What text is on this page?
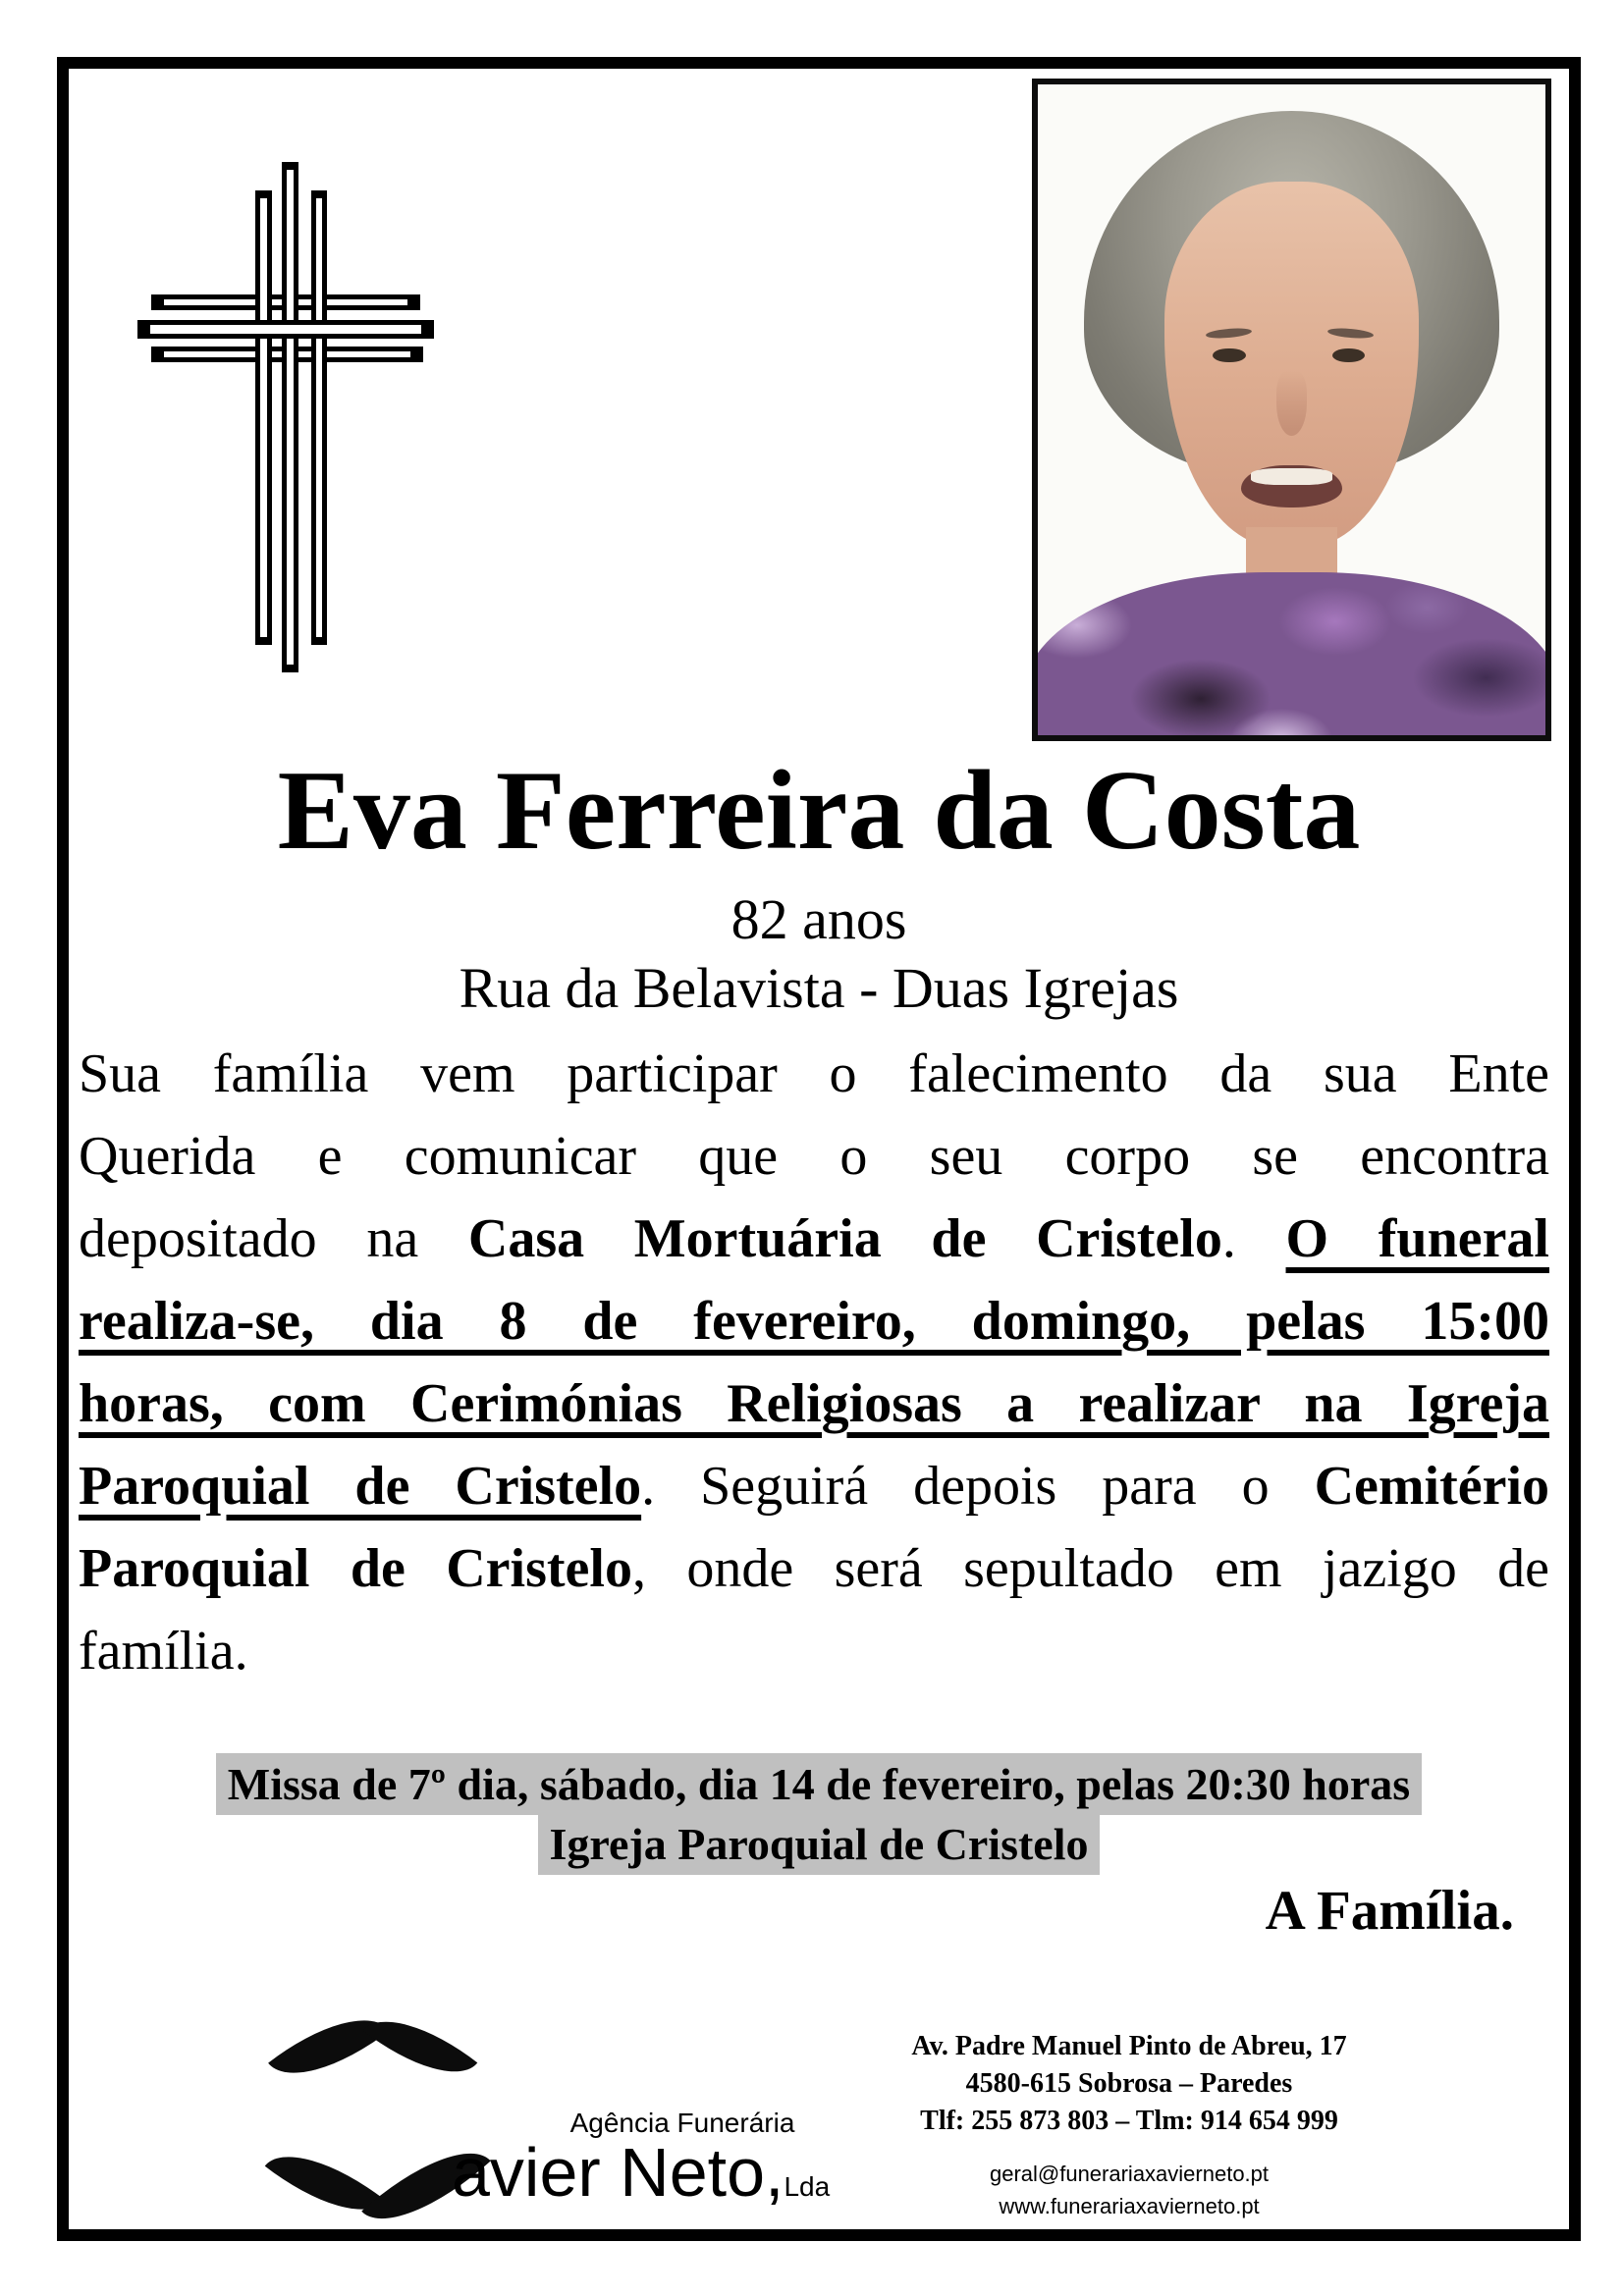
Eva Ferreira da Costa
82 anos
Rua da Belavista - Duas Igrejas
Sua família vem participar o falecimento da sua Ente
Querida e comunicar que o seu corpo se encontra
depositado na Casa Mortuária de Cristelo. O funeral
realiza-se, dia 8 de fevereiro, domingo, pelas 15:00
horas, com Cerimónias Religiosas a realizar na Igreja
Paroquial de Cristelo. Seguirá depois para o Cemitério
Paroquial de Cristelo, onde será sepultado em jazigo de
família.
Missa de 7º dia, sábado, dia 14 de fevereiro, pelas 20:30 horas
Igreja Paroquial de Cristelo
A Família.
Agência Funerária
avier Neto,Lda
Av. Padre Manuel Pinto de Abreu, 17
4580-615 Sobrosa – Paredes
Tlf: 255 873 803 – Tlm: 914 654 999
geral@funerariaxavierneto.pt
www.funerariaxavierneto.pt
